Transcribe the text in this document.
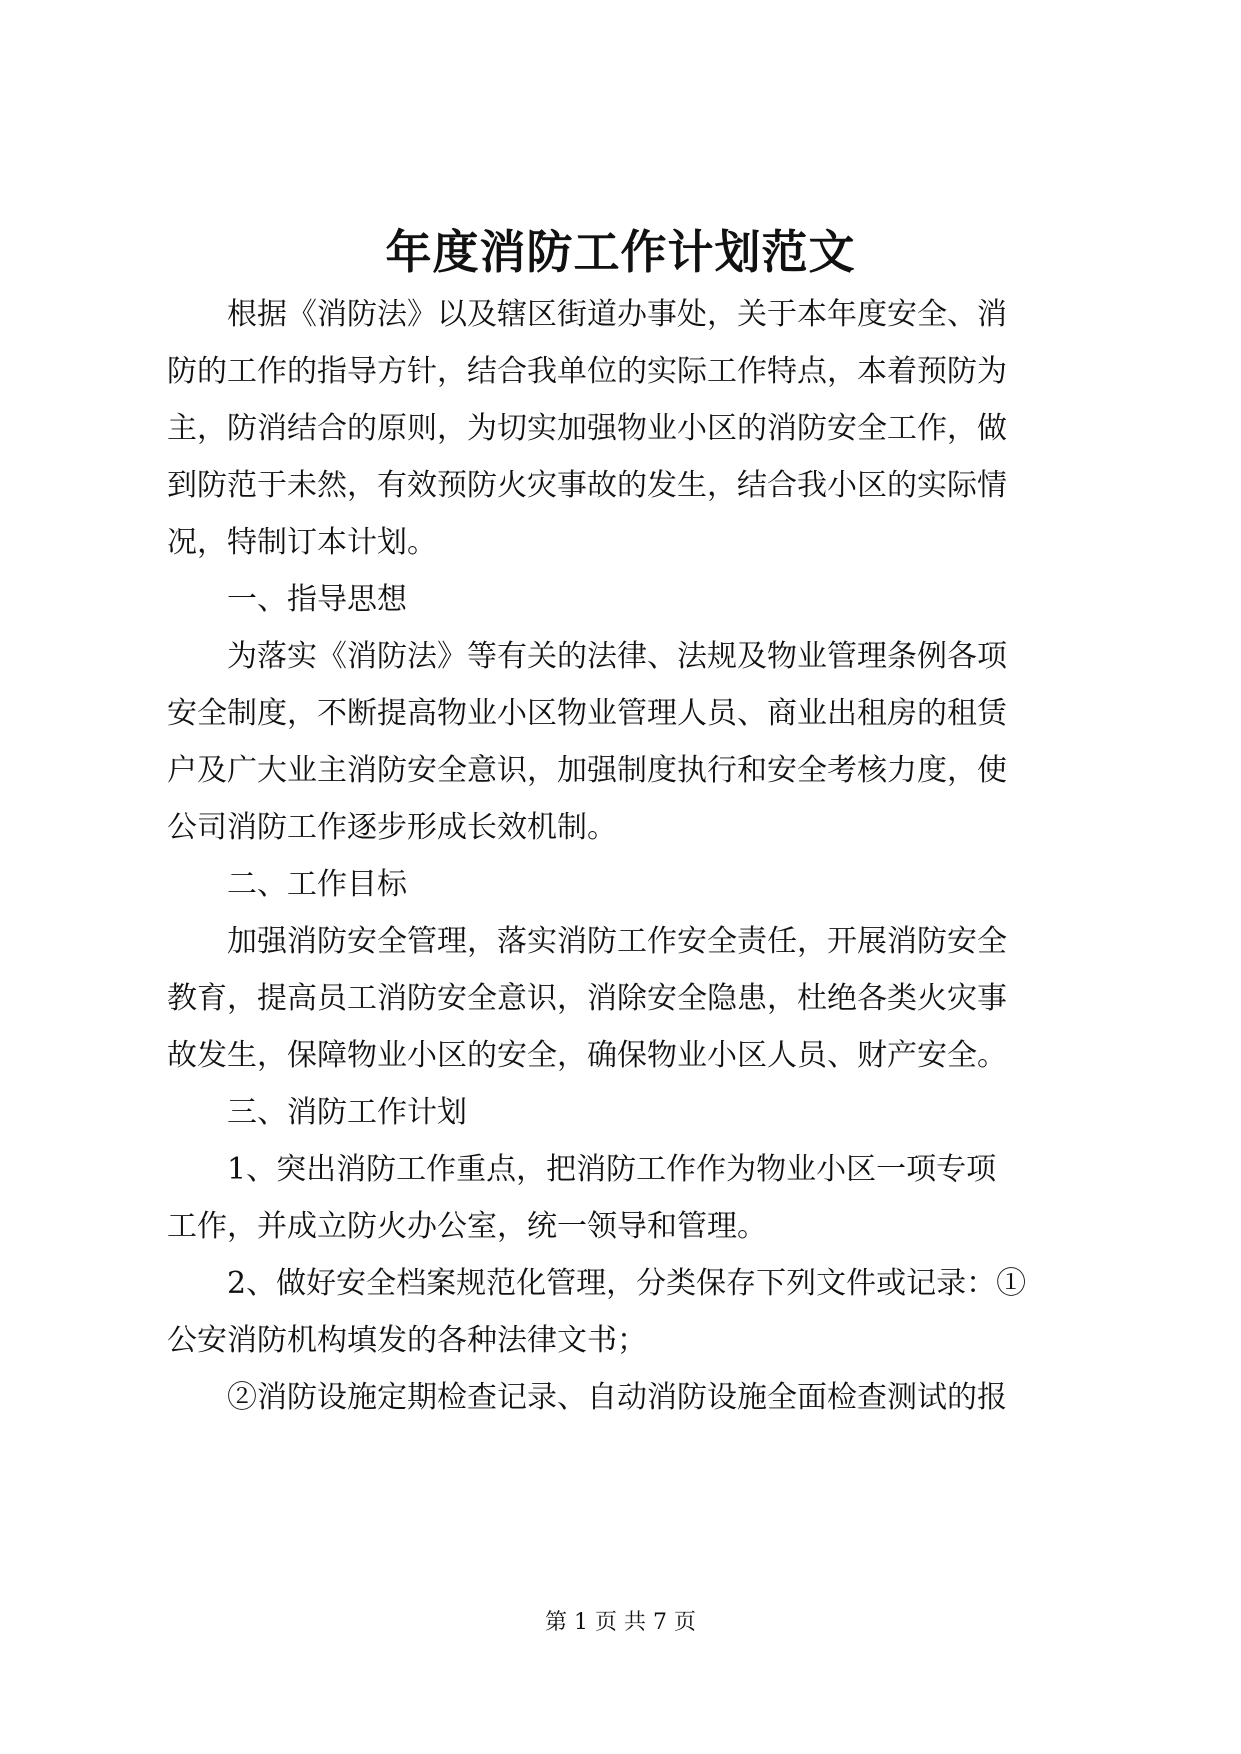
年度消防工作计划范文

根据《消防法》以及辖区街道办事处，关于本年度安全、消

防的工作的指导方针，结合我单位的实际工作特点，本着预防为

主，防消结合的原则，为切实加强物业小区的消防安全工作，做

到防范于未然，有效预防火灾事故的发生，结合我小区的实际情

况，特制订本计划。

一、指导思想

为落实《消防法》等有关的法律、法规及物业管理条例各项

安全制度，不断提高物业小区物业管理人员、商业出租房的租赁

户及广大业主消防安全意识，加强制度执行和安全考核力度，使

公司消防工作逐步形成长效机制。

二、工作目标

加强消防安全管理，落实消防工作安全责任，开展消防安全

教育，提高员工消防安全意识，消除安全隐患，杜绝各类火灾事

故发生，保障物业小区的安全，确保物业小区人员、财产安全。

三、消防工作计划

1、突出消防工作重点，把消防工作作为物业小区一项专项

工作，并成立防火办公室，统一领导和管理。

2、做好安全档案规范化管理，分类保存下列文件或记录：①

公安消防机构填发的各种法律文书；

②消防设施定期检查记录、自动消防设施全面检查测试的报

第 1 页 共 7 页
